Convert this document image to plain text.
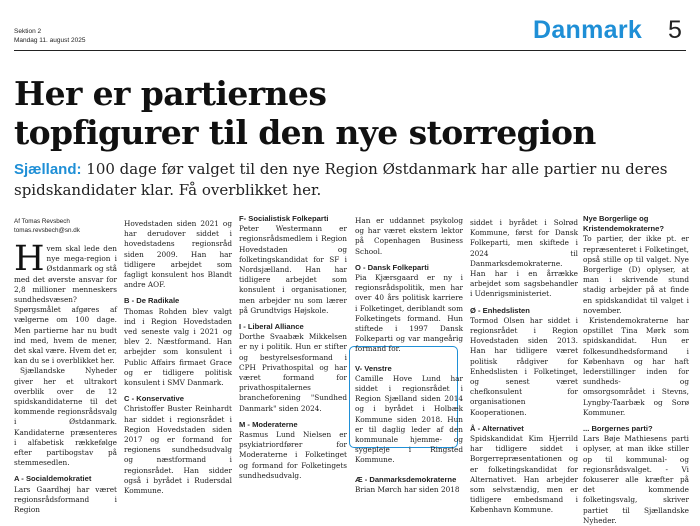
Sektion 2
Mandag 11. august 2025	Danmark 5
Her er partiernes
topfigurer til den nye storregion

Sjælland: 100 dage før valget til den nye Region Østdanmark har alle partier nu deres spidskandidater klar. Få overblikket her.

Af Tomas Revsbech
tomas.revsbech@sn.dk

Hvem skal lede den nye mega-region i Østdanmark og stå med det øverste ansvar for 2,8 millioner menneskers sundhedsvæsen? Spørgsmålet afgøres af vælgerne om 100 dage. Men partierne har nu budt ind med, hvem de mener, det skal være. Hvem det er, kan du se i overblikket her.

Sjællandske Nyheder giver her et ultrakort overblik over de 12 spidskandidaterne til det kommende regionsrådsvalg i Østdanmark. Kandidaterne præsenteres i alfabetisk rækkefølge efter partibogstav på stemmesedlen.

A - Socialdemokratiet

Lars Gaardhøj har været regionsrådsformand i Region

Hovedstaden siden 2021 og har derudover siddet i hovedstadens regionsråd siden 2009. Han har tidligere arbejdet som fagligt konsulent hos Blandt andre AOF.

B - De Radikale

Thomas Rohden blev valgt ind i Region Hovedstaden ved seneste valg i 2021 og blev 2. Næstformand. Han arbejder som konsulent i Public Affairs firmaet Grace og er tidligere politisk konsulent i SMV Danmark.

C - Konservative

Christoffer Buster Reinhardt har siddet i regionsrådet i Region Hovedstaden siden 2017 og er formand for regionens sundhedsudvalg og næstformand i regionsrådet. Han sidder også i byrådet i Rudersdal Kommune.

F- Socialistisk Folkeparti

Peter Westermann er regionsrådsmedlem i Region Hovedstaden og folketingskandidat for SF i Nordsjælland. Han har tidligere arbejdet som konsulent i organisationer, men arbejder nu som lærer på Grundtvigs Højskole.

I - Liberal Alliance

Dorthe Svaabæk Mikkelsen er ny i politik. Hun er stifter og bestyrelsesformand i CPH Privathospital og har været formand for privathospitalernes brancheforening "Sundhed Danmark" siden 2024.

M - Moderaterne

Rasmus Lund Nielsen er psykiatriordfører for Moderaterne i Folketinget og formand for Folketingets sundhedsudvalg.

Han er uddannet psykolog og har været ekstern lektor på Copenhagen Business School.

O - Dansk Folkeparti

Pia Kjærsgaard er ny i regionsrådspolitik, men har over 40 års politisk karriere i Folketinget, deriblandt som Folketingets formand. Hun stiftede i 1997 Dansk Folkeparti og var mangeårig formand for.

V- Venstre

Camille Hove Lund har siddet i regionsrådet i Region Sjælland siden 2014 og i byrådet i Holbæk Kommune siden 2018. Hun er til daglig leder af den kommunale hjemme- og sygepleje i Ringsted Kommune.

Æ - Danmarksdemokraterne

Brian Mørch har siden 2018

siddet i byrådet i Solrød Kommune, først for Dansk Folkeparti, men skiftede i 2024 til Danmarksdemokraterne. Han har i en årrække arbejdet som sagsbehandler i Udenrigsministeriet.

Ø - Enhedslisten

Tormod Olsen har siddet i regionsrådet i Region Hovedstaden siden 2013. Han har tidligere været politisk rådgiver for Enhedslisten i Folketinget, og senest været chefkonsulent for organisationen Kooperationen.

Å - Alternativet

Spidskandidat Kim Hjerrild har tidligere siddet i Borgerrepræsentationen og er folketingskandidat for Alternativet. Han arbejder som selvstændig, men er tidligere embedsmand i København Kommune.

Nye Borgerlige og Kristendemokraterne?

To partier, der ikke pt. er repræsenteret i Folketinget, opså stille op til valget. Nye Borgerlige (D) oplyser, at man i skrivende stund stadig arbejder på at finde en spidskandidat til valget i november.

Kristendemokraterne har opstillet Tina Mørk som spidskandidat. Hun er folkesundhedsformand i København og har haft lederstillinger inden for sundheds- og omsorgsområdet i Stevns, Lyngby-Taarbæk og Sorø Kommuner.

... Borgernes parti?

Lars Bøje Mathiesens parti oplyser, at man ikke stiller op til kommunal- og regionsrådsvalget. - Vi fokuserer alle kræfter på det kommende folketingsvalg, skriver partiet til Sjællandske Nyheder.
